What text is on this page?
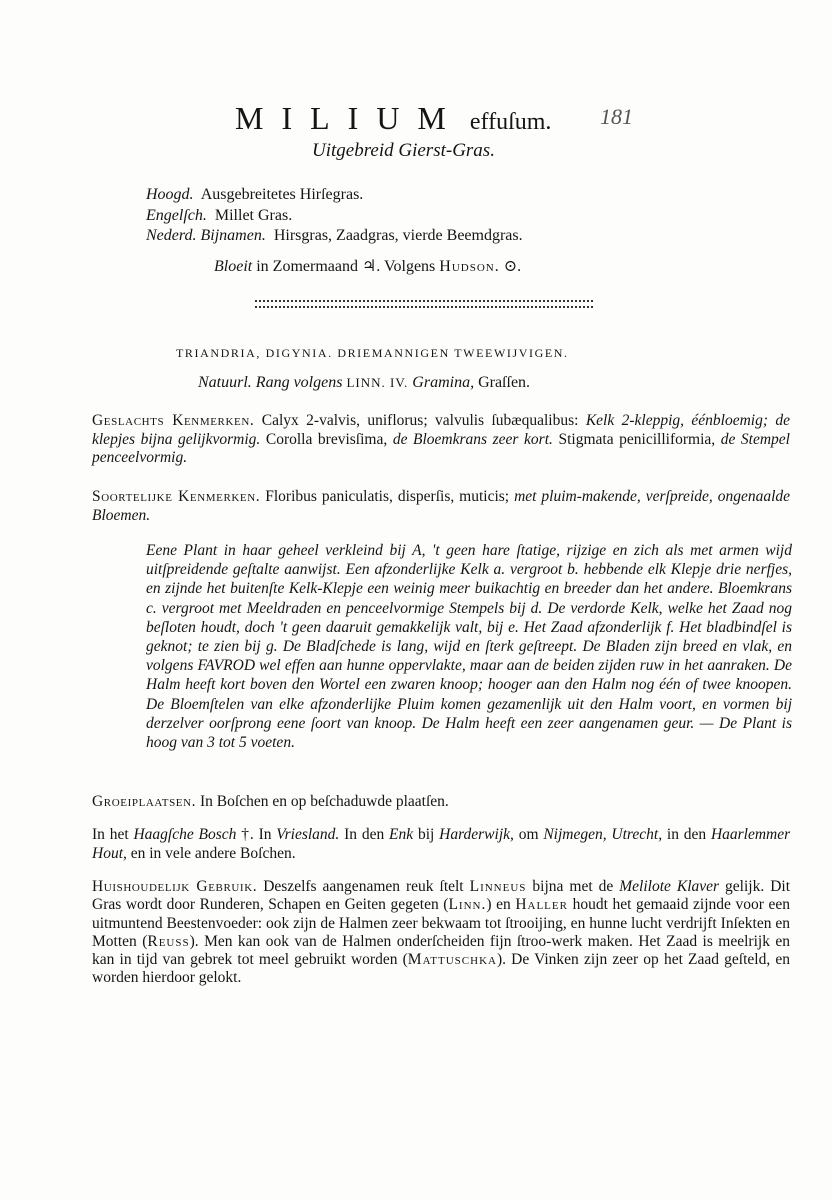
MILIUM effuſum. 181
Uitgebreid Gierst-Gras.
Hoogd. Ausgebreitetes Hirſegras.
Engelſch. Millet Gras.
Nederd. Bijnamen. Hirsgras, Zaadgras, vierde Beemdgras.
Bloeit in Zomermaand ♃. Volgens Hudson. ⊙.
TRIANDRIA, DIGYNIA. DRIEMANNIGEN TWEEWIJVIGEN.
Natuurl. Rang volgens LINN. IV. Gramina, Graſſen.

Geslachts Kenmerken. Calyx 2-valvis, uniflorus; valvulis ſubæqualibus: Kelk 2-kleppig, éénbloemig; de klepjes bijna gelijkvormig. Corolla brevisſima, de Bloemkrans zeer kort. Stigmata penicilliformia, de Stempel penceelvormig.

Soortelijke Kenmerken. Floribus paniculatis, disperſis, muticis; met pluim-makende, verſpreide, ongenaalde Bloemen.

Eene Plant in haar geheel verkleind bij A, 't geen hare ſtatige, rijzige en zich als met armen wijd uitſpreidende geſtalte aanwijst. Een afzonderlijke Kelk a. vergroot b. hebbende elk Klepje drie nerfjes, en zijnde het buitenſte Kelk-Klepje een weinig meer buikachtig en breeder dan het andere. Bloemkrans c. vergroot met Meeldraden en penceelvormige Stempels bij d. De verdorde Kelk, welke het Zaad nog beſloten houdt, doch 't geen daaruit gemakkelijk valt, bij e. Het Zaad afzonderlijk f. Het bladbindſel is geknot; te zien bij g. De Bladſchede is lang, wijd en ſterk geſtreept. De Bladen zijn breed en vlak, en volgens FAVROD wel effen aan hunne oppervlakte, maar aan de beiden zijden ruw in het aanraken. De Halm heeft kort boven den Wortel een zwaren knoop; hooger aan den Halm nog één of twee knoopen. De Bloemſtelen van elke afzonderlijke Pluim komen gezamenlijk uit den Halm voort, en vormen bij derzelver oorſprong eene ſoort van knoop. De Halm heeft een zeer aangenamen geur. — De Plant is hoog van 3 tot 5 voeten.

Groeiplaatsen. In Boſchen en op beſchaduwde plaatſen.

In het Haagſche Bosch †. In Vriesland. In den Enk bij Harderwijk, om Nijmegen, Utrecht, in den Haarlemmer Hout, en in vele andere Boſchen.

Huishoudelijk Gebruik. Deszelfs aangenamen reuk ſtelt Linneus bijna met de Melilote Klaver gelijk. Dit Gras wordt door Runderen, Schapen en Geiten gegeten (Linn.) en Haller houdt het gemaaid zijnde voor een uitmuntend Beestenvoeder: ook zijn de Halmen zeer bekwaam tot ſtrooijing, en hunne lucht verdrijft Inſekten en Motten (Reuss). Men kan ook van de Halmen onderſcheiden fijn ſtroo-werk maken. Het Zaad is meelrijk en kan in tijd van gebrek tot meel gebruikt worden (Mattuschka). De Vinken zijn zeer op het Zaad geſteld, en worden hierdoor gelokt.
